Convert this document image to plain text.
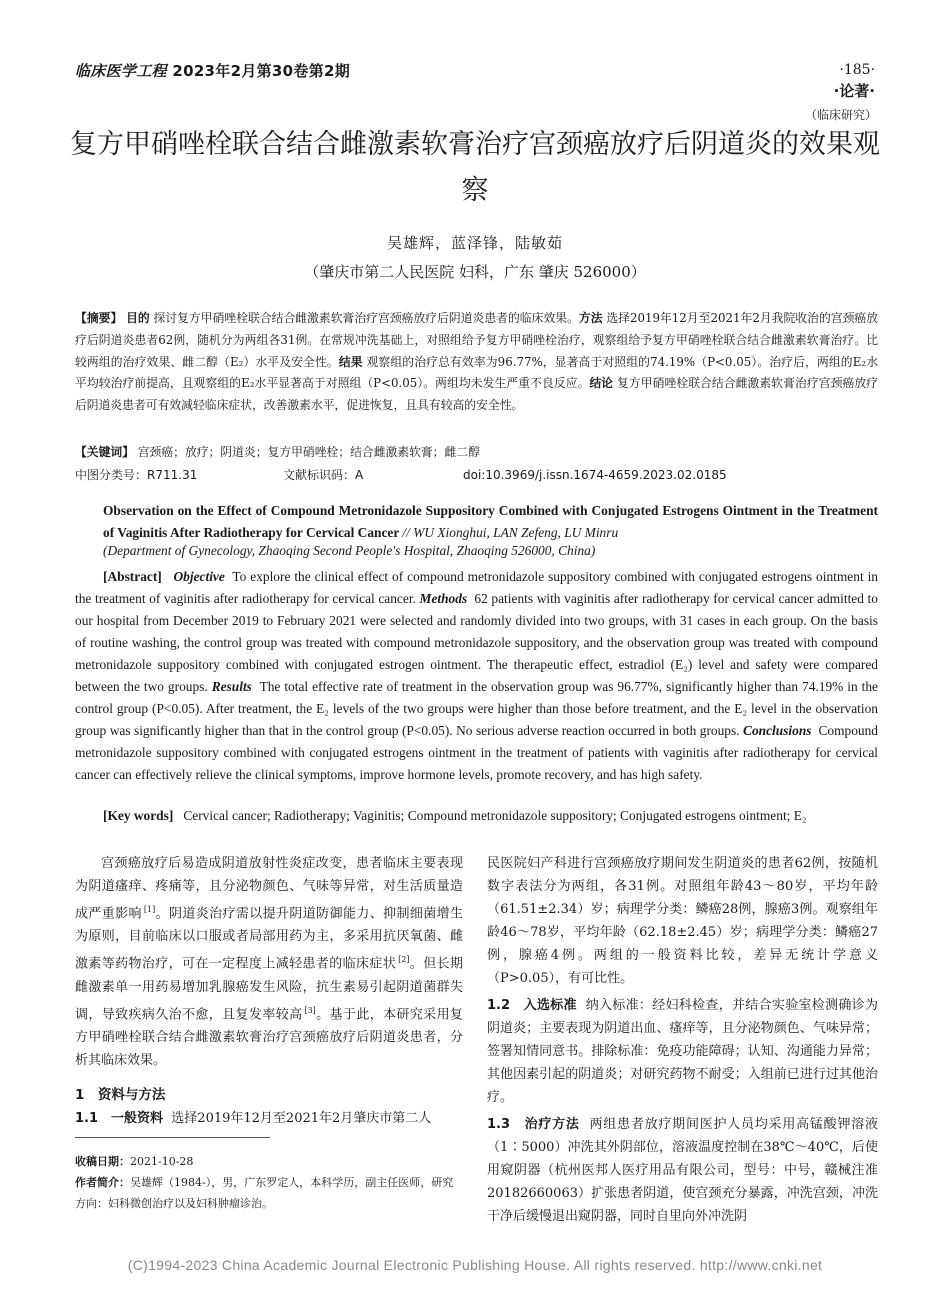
临床医学工程 2023年2月第30卷第2期	·185·
·论著·
（临床研究）
复方甲硝唑栓联合结合雌激素软膏治疗宫颈癌放疗后阴道炎的效果观察
吴雄辉，蓝泽锋，陆敏茹
（肇庆市第二人民医院 妇科，广东 肇庆 526000）
【摘要】 目的 探讨复方甲硝唑栓联合结合雌激素软膏治疗宫颈癌放疗后阴道炎患者的临床效果。方法 选择2019年12月至2021年2月我院收治的宫颈癌放疗后阴道炎患者62例，随机分为两组各31例。在常规冲洗基础上，对照组给予复方甲硝唑栓治疗，观察组给予复方甲硝唑栓联合结合雌激素软膏治疗。比较两组的治疗效果、雌二醇（E₂）水平及安全性。结果 观察组的治疗总有效率为96.77%，显著高于对照组的74.19%（P<0.05）。治疗后，两组的E₂水平均较治疗前提高，且观察组的E₂水平显著高于对照组（P<0.05）。两组均未发生严重不良反应。结论 复方甲硝唑栓联合结合雌激素软膏治疗宫颈癌放疗后阴道炎患者可有效减轻临床症状，改善激素水平，促进恢复，且具有较高的安全性。
【关键词】 宫颈癌；放疗；阴道炎；复方甲硝唑栓；结合雌激素软膏；雌二醇
中图分类号：R711.31	文献标识码：A	doi:10.3969/j.issn.1674-4659.2023.02.0185
Observation on the Effect of Compound Metronidazole Suppository Combined with Conjugated Estrogens Ointment in the Treatment of Vaginitis After Radiotherapy for Cervical Cancer // WU Xionghui, LAN Zefeng, LU Minru
(Department of Gynecology, Zhaoqing Second People's Hospital, Zhaoqing 526000, China)
[Abstract] Objective To explore the clinical effect of compound metronidazole suppository combined with conjugated estrogens ointment in the treatment of vaginitis after radiotherapy for cervical cancer. Methods 62 patients with vaginitis after radiotherapy for cervical cancer admitted to our hospital from December 2019 to February 2021 were selected and randomly divided into two groups, with 31 cases in each group. On the basis of routine washing, the control group was treated with compound metronidazole suppository, and the observation group was treated with compound metronidazole suppository combined with conjugated estrogen ointment. The therapeutic effect, estradiol (E₂) level and safety were compared between the two groups. Results The total effective rate of treatment in the observation group was 96.77%, significantly higher than 74.19% in the control group (P<0.05). After treatment, the E₂ levels of the two groups were higher than those before treatment, and the E₂ level in the observation group was significantly higher than that in the control group (P<0.05). No serious adverse reaction occurred in both groups. Conclusions Compound metronidazole suppository combined with conjugated estrogens ointment in the treatment of patients with vaginitis after radiotherapy for cervical cancer can effectively relieve the clinical symptoms, improve hormone levels, promote recovery, and has high safety.
[Key words] Cervical cancer; Radiotherapy; Vaginitis; Compound metronidazole suppository; Conjugated estrogens ointment; E₂

宫颈癌放疗后易造成阴道放射性炎症改变，患者临床主要表现为阴道瘙痒、疼痛等，且分泌物颜色、气味等异常，对生活质量造成严重影响 [1]。阴道炎治疗需以提升阴道防御能力、抑制细菌增生为原则，目前临床以口服或者局部用药为主，多采用抗厌氧菌、雌激素等药物治疗，可在一定程度上减轻患者的临床症状 [2]。但长期雌激素单一用药易增加乳腺癌发生风险，抗生素易引起阴道菌群失调，导致疾病久治不愈，且复发率较高 [3]。基于此，本研究采用复方甲硝唑栓联合结合雌激素软膏治疗宫颈癌放疗后阴道炎患者，分析其临床效果。

1　资料与方法

1.1　一般资料 选择2019年12月至2021年2月肇庆市第二人

收稿日期：2021-10-28

作者简介：吴雄辉（1984-），男，广东罗定人，本科学历，副主任医师，研究方向：妇科微创治疗以及妇科肿瘤诊治。

民医院妇产科进行宫颈癌放疗期间发生阴道炎的患者62例，按随机数字表法分为两组，各31例。对照组年龄43～80岁，平均年龄（61.51±2.34）岁；病理学分类：鳞癌28例，腺癌3例。观察组年龄46～78岁，平均年龄（62.18±2.45）岁；病理学分类：鳞癌27例，腺癌4例。两组的一般资料比较，差异无统计学意义（P>0.05），有可比性。

1.2　入选标准 纳入标准：经妇科检查，并结合实验室检测确诊为阴道炎；主要表现为阴道出血、瘙痒等，且分泌物颜色、气味异常；签署知情同意书。排除标准：免疫功能障碍；认知、沟通能力异常；其他因素引起的阴道炎；对研究药物不耐受；入组前已进行过其他治疗。

1.3　治疗方法 两组患者放疗期间医护人员均采用高锰酸钾溶液（1∶5000）冲洗其外阴部位，溶液温度控制在38℃～40℃，后使用窥阴器（杭州医邦人医疗用品有限公司，型号：中号，赣械注准20182660063）扩张患者阴道，使宫颈充分暴露，冲洗宫颈，冲洗干净后缓慢退出窥阴器，同时自里向外冲洗阴

(C)1994-2023 China Academic Journal Electronic Publishing House. All rights reserved. http://www.cnki.net
